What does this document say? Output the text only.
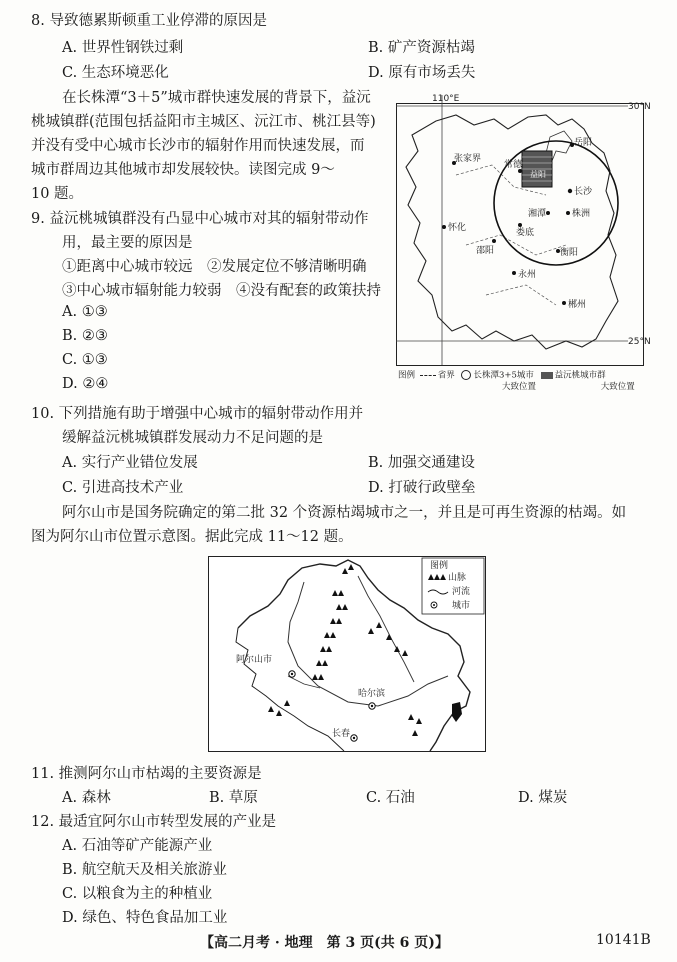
8. 导致德累斯顿重工业停滞的原因是
A. 世界性钢铁过剩	B. 矿产资源枯竭
C. 生态环境恶化	D. 原有市场丢失
在长株潭“3＋5”城市群快速发展的背景下，益沅
桃城镇群(范围包括益阳市主城区、沅江市、桃江县等)
并没有受中心城市长沙市的辐射作用而快速发展，而
城市群周边其他城市却发展较快。读图完成 9～
10 题。
9. 益沅桃城镇群没有凸显中心城市对其的辐射带动作
用，最主要的原因是
①距离中心城市较远　②发展定位不够清晰明确
③中心城市辐射能力较弱　④没有配套的政策扶持
A. ①③
B. ②③
C. ①③
D. ②④
110°E
30°N
25°N
张家界
常德
岳阳
益阳
长沙
湘潭	株洲
怀化	娄底
邵阳	衡阳
永州
郴州
图例	省界 长株潭3+5城市 益沅桃城市群
大致位置	大致位置
10. 下列措施有助于增强中心城市的辐射带动作用并
缓解益沅桃城镇群发展动力不足问题的是
A. 实行产业错位发展	B. 加强交通建设
C. 引进高技术产业	D. 打破行政壁垒
阿尔山市是国务院确定的第二批 32 个资源枯竭城市之一，并且是可再生资源的枯竭。如
图为阿尔山市位置示意图。据此完成 11～12 题。
阿尔山市
哈尔滨
长春
图例
山脉
河流
城市
11. 推测阿尔山市枯竭的主要资源是
A. 森林	B. 草原	C. 石油	D. 煤炭
12. 最适宜阿尔山市转型发展的产业是
A. 石油等矿产能源产业
B. 航空航天及相关旅游业
C. 以粮食为主的种植业
D. 绿色、特色食品加工业
【高二月考 · 地理　第 3 页(共 6 页)】	10141B
